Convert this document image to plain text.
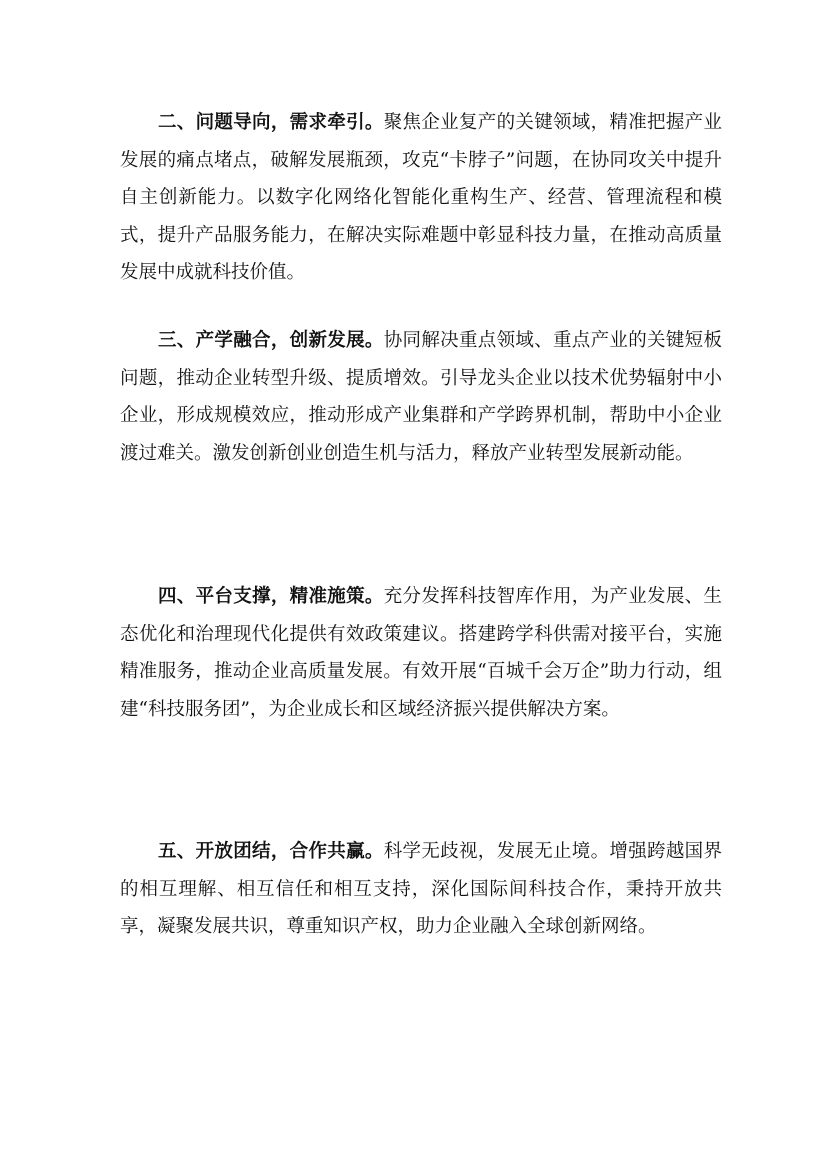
二、问题导向，需求牵引。聚焦企业复产的关键领域，精准把握产业发展的痛点堵点，破解发展瓶颈，攻克“卡脖子”问题，在协同攻关中提升自主创新能力。以数字化网络化智能化重构生产、经营、管理流程和模式，提升产品服务能力，在解决实际难题中彰显科技力量，在推动高质量发展中成就科技价值。

三、产学融合，创新发展。协同解决重点领域、重点产业的关键短板问题，推动企业转型升级、提质增效。引导龙头企业以技术优势辐射中小企业，形成规模效应，推动形成产业集群和产学跨界机制，帮助中小企业渡过难关。激发创新创业创造生机与活力，释放产业转型发展新动能。

四、平台支撑，精准施策。充分发挥科技智库作用，为产业发展、生态优化和治理现代化提供有效政策建议。搭建跨学科供需对接平台，实施精准服务，推动企业高质量发展。有效开展“百城千会万企”助力行动，组建“科技服务团”，为企业成长和区域经济振兴提供解决方案。

五、开放团结，合作共赢。科学无歧视，发展无止境。增强跨越国界的相互理解、相互信任和相互支持，深化国际间科技合作，秉持开放共享，凝聚发展共识，尊重知识产权，助力企业融入全球创新网络。
